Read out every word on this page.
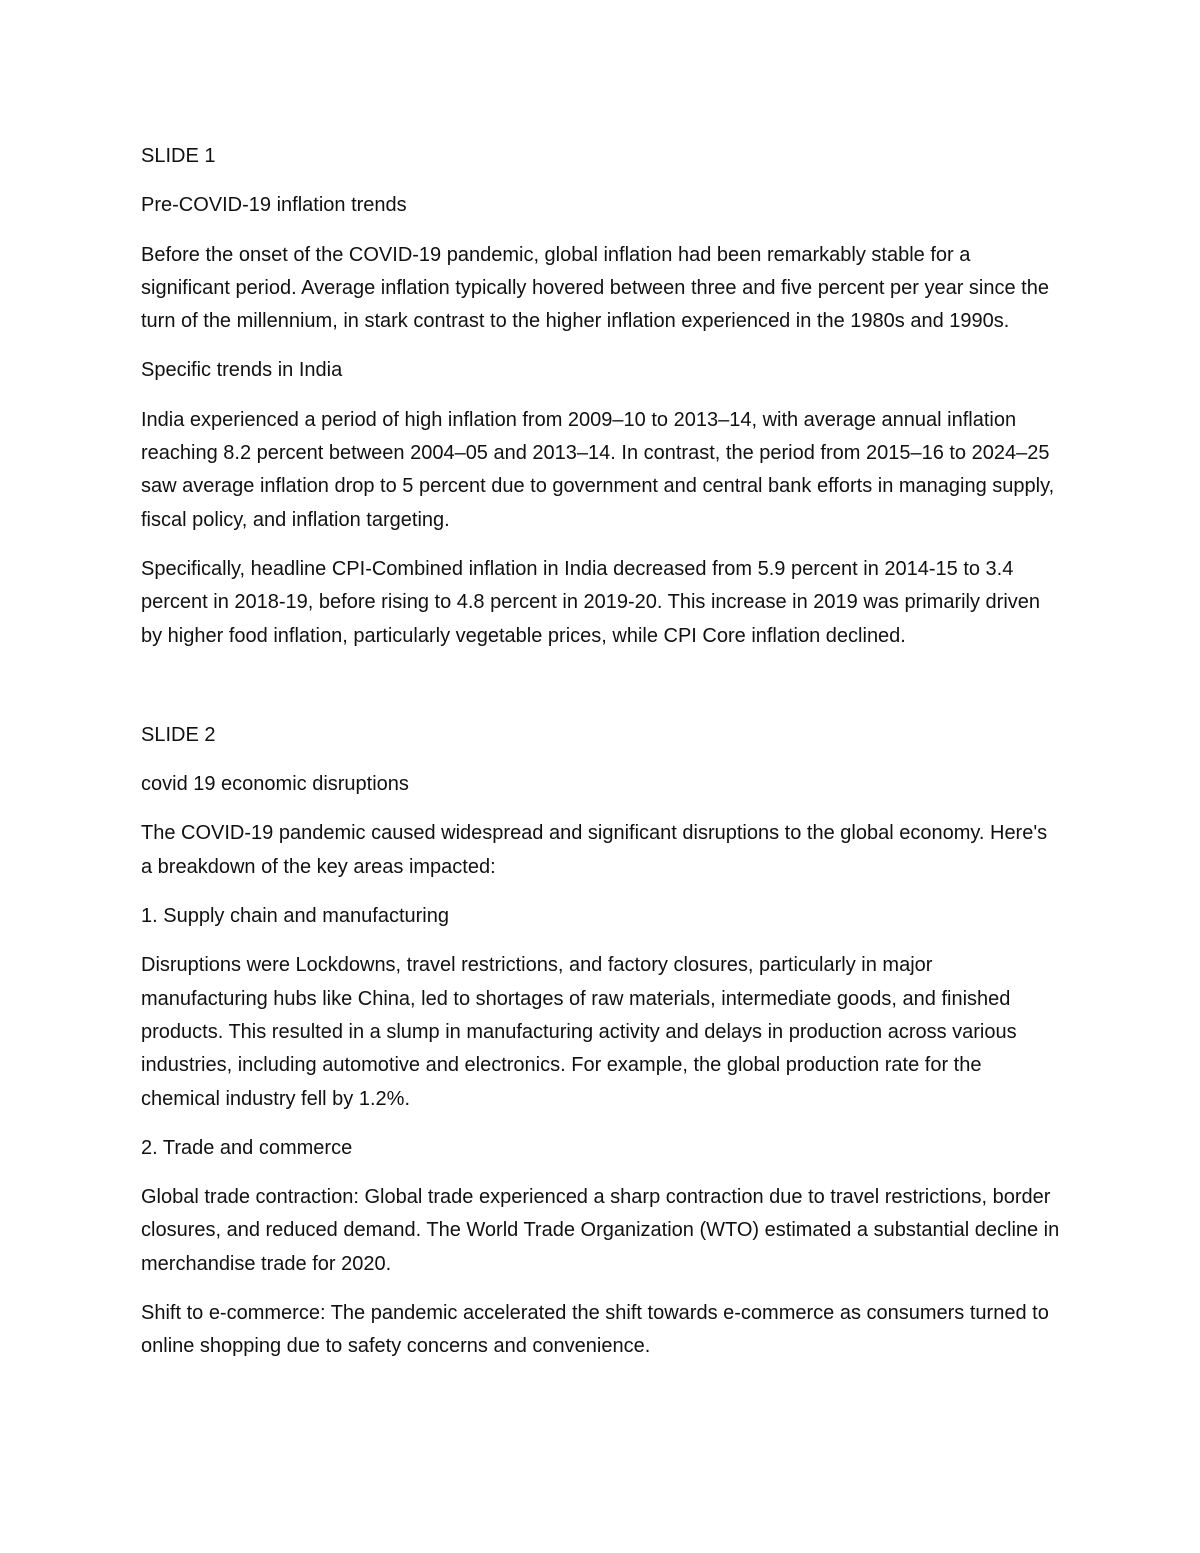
SLIDE 1

Pre-COVID-19 inflation trends

Before the onset of the COVID-19 pandemic, global inflation had been remarkably stable for a significant period. Average inflation typically hovered between three and five percent per year since the turn of the millennium, in stark contrast to the higher inflation experienced in the 1980s and 1990s.

Specific trends in India

India experienced a period of high inflation from 2009–10 to 2013–14, with average annual inflation reaching 8.2 percent between 2004–05 and 2013–14. In contrast, the period from 2015–16 to 2024–25 saw average inflation drop to 5 percent due to government and central bank efforts in managing supply, fiscal policy, and inflation targeting.

Specifically, headline CPI-Combined inflation in India decreased from 5.9 percent in 2014-15 to 3.4 percent in 2018-19, before rising to 4.8 percent in 2019-20. This increase in 2019 was primarily driven by higher food inflation, particularly vegetable prices, while CPI Core inflation declined.

SLIDE 2

covid 19 economic disruptions

The COVID-19 pandemic caused widespread and significant disruptions to the global economy. Here's a breakdown of the key areas impacted:

1. Supply chain and manufacturing

Disruptions were Lockdowns, travel restrictions, and factory closures, particularly in major manufacturing hubs like China, led to shortages of raw materials, intermediate goods, and finished products. This resulted in a slump in manufacturing activity and delays in production across various industries, including automotive and electronics. For example, the global production rate for the chemical industry fell by 1.2%.

2. Trade and commerce

Global trade contraction: Global trade experienced a sharp contraction due to travel restrictions, border closures, and reduced demand. The World Trade Organization (WTO) estimated a substantial decline in merchandise trade for 2020.

Shift to e-commerce: The pandemic accelerated the shift towards e-commerce as consumers turned to online shopping due to safety concerns and convenience.
